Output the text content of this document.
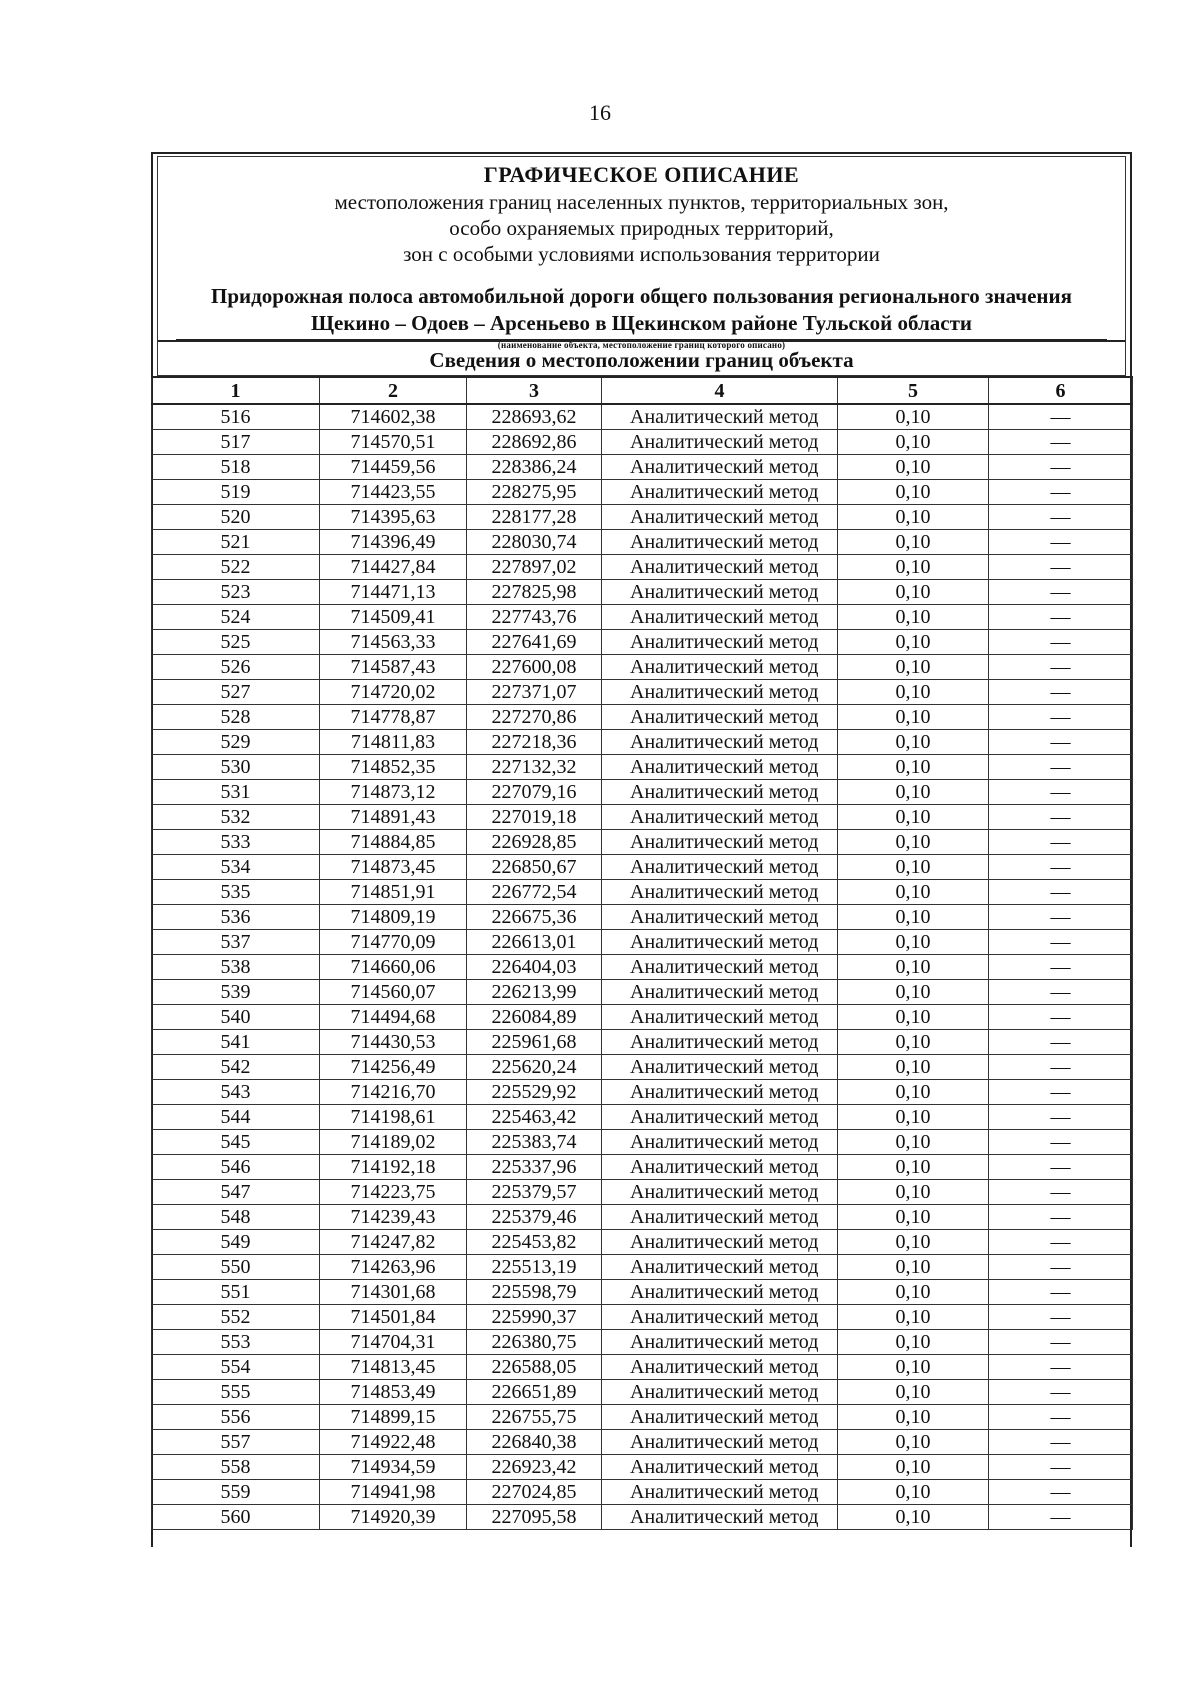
16
ГРАФИЧЕСКОЕ ОПИСАНИЕ
местоположения границ населенных пунктов, территориальных зон,
особо охраняемых природных территорий,
зон с особыми условиями использования территории
Придорожная полоса автомобильной дороги общего пользования регионального значения
Щекино – Одоев – Арсеньево в Щекинском районе Тульской области
(наименование объекта, местоположение границ которого описано)
Сведения о местоположении границ объекта
1	2	3	4	5	6
516	714602,38	228693,62	Аналитический метод	0,10	—
517	714570,51	228692,86	Аналитический метод	0,10	—
518	714459,56	228386,24	Аналитический метод	0,10	—
519	714423,55	228275,95	Аналитический метод	0,10	—
520	714395,63	228177,28	Аналитический метод	0,10	—
521	714396,49	228030,74	Аналитический метод	0,10	—
522	714427,84	227897,02	Аналитический метод	0,10	—
523	714471,13	227825,98	Аналитический метод	0,10	—
524	714509,41	227743,76	Аналитический метод	0,10	—
525	714563,33	227641,69	Аналитический метод	0,10	—
526	714587,43	227600,08	Аналитический метод	0,10	—
527	714720,02	227371,07	Аналитический метод	0,10	—
528	714778,87	227270,86	Аналитический метод	0,10	—
529	714811,83	227218,36	Аналитический метод	0,10	—
530	714852,35	227132,32	Аналитический метод	0,10	—
531	714873,12	227079,16	Аналитический метод	0,10	—
532	714891,43	227019,18	Аналитический метод	0,10	—
533	714884,85	226928,85	Аналитический метод	0,10	—
534	714873,45	226850,67	Аналитический метод	0,10	—
535	714851,91	226772,54	Аналитический метод	0,10	—
536	714809,19	226675,36	Аналитический метод	0,10	—
537	714770,09	226613,01	Аналитический метод	0,10	—
538	714660,06	226404,03	Аналитический метод	0,10	—
539	714560,07	226213,99	Аналитический метод	0,10	—
540	714494,68	226084,89	Аналитический метод	0,10	—
541	714430,53	225961,68	Аналитический метод	0,10	—
542	714256,49	225620,24	Аналитический метод	0,10	—
543	714216,70	225529,92	Аналитический метод	0,10	—
544	714198,61	225463,42	Аналитический метод	0,10	—
545	714189,02	225383,74	Аналитический метод	0,10	—
546	714192,18	225337,96	Аналитический метод	0,10	—
547	714223,75	225379,57	Аналитический метод	0,10	—
548	714239,43	225379,46	Аналитический метод	0,10	—
549	714247,82	225453,82	Аналитический метод	0,10	—
550	714263,96	225513,19	Аналитический метод	0,10	—
551	714301,68	225598,79	Аналитический метод	0,10	—
552	714501,84	225990,37	Аналитический метод	0,10	—
553	714704,31	226380,75	Аналитический метод	0,10	—
554	714813,45	226588,05	Аналитический метод	0,10	—
555	714853,49	226651,89	Аналитический метод	0,10	—
556	714899,15	226755,75	Аналитический метод	0,10	—
557	714922,48	226840,38	Аналитический метод	0,10	—
558	714934,59	226923,42	Аналитический метод	0,10	—
559	714941,98	227024,85	Аналитический метод	0,10	—
560	714920,39	227095,58	Аналитический метод	0,10	—
